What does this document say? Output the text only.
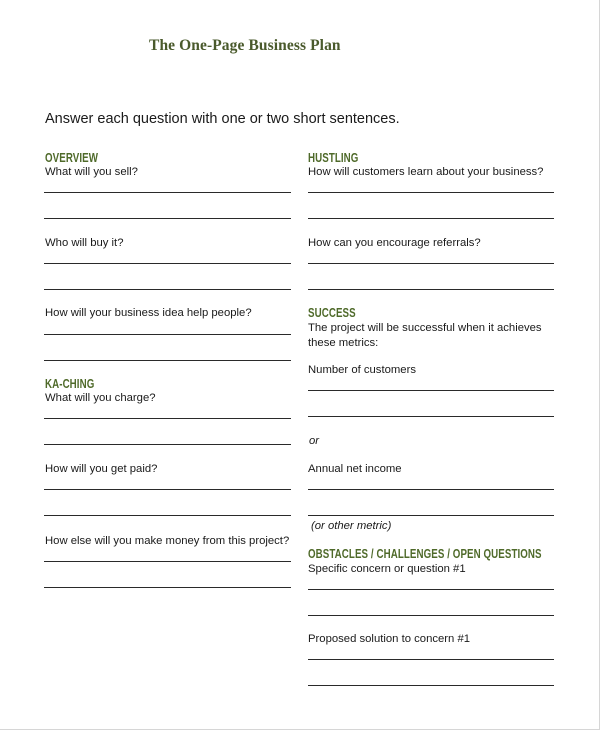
The One-Page Business Plan
Answer each question with one or two short sentences.
OVERVIEW
What will you sell?
Who will buy it?
How will your business idea help people?
KA-CHING
What will you charge?
How will you get paid?
How else will you make money from this project?
HUSTLING
How will customers learn about your business?
How can you encourage referrals?
SUCCESS
The project will be successful when it achieves these metrics:
Number of customers
or
Annual net income
(or other metric)
OBSTACLES / CHALLENGES / OPEN QUESTIONS
Specific concern or question #1
Proposed solution to concern #1
